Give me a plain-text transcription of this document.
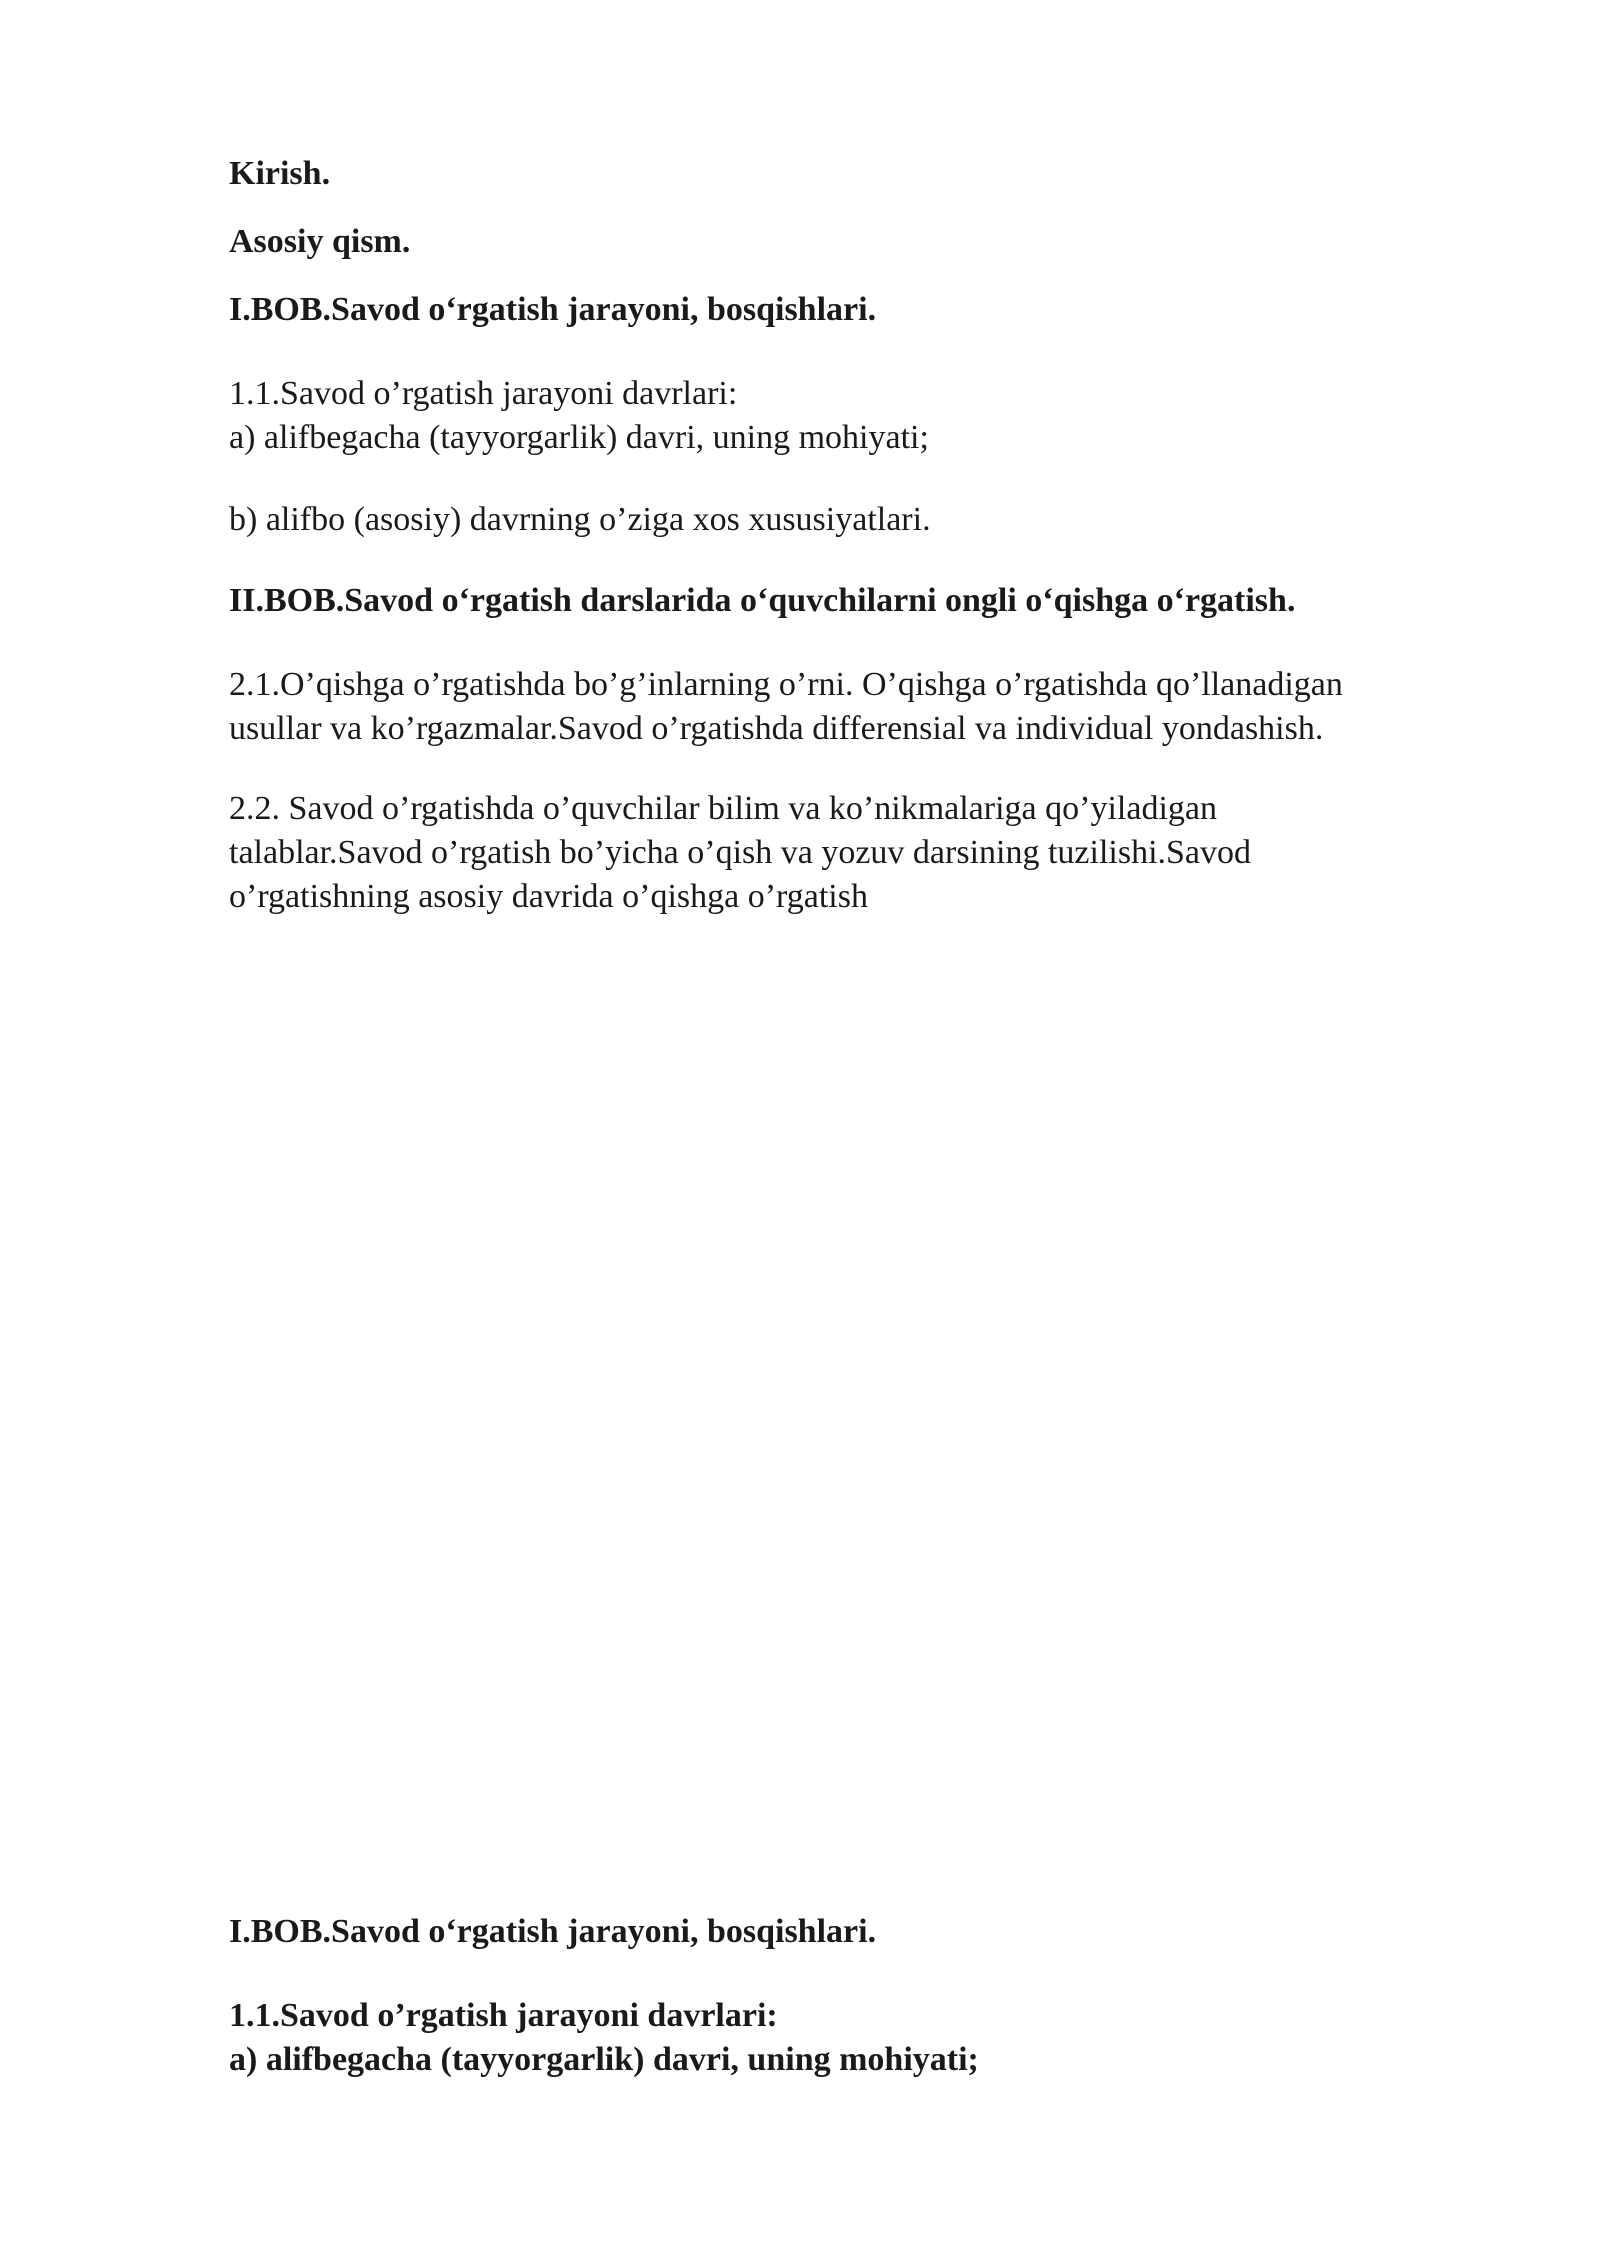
Kirish.
Asosiy qism.
I.BOB.Savod o‘rgatish jarayoni, bosqishlari.
1.1.Savod o’rgatish jarayoni davrlari:
a) alifbegacha (tayyorgarlik) davri, uning mohiyati;
b) alifbo (asosiy) davrning o’ziga xos xususiyatlari.
II.BOB.Savod o‘rgatish darslarida o‘quvchilarni ongli o‘qishga o‘rgatish.
2.1.O’qishga o’rgatishda bo’g’inlarning o’rni. O’qishga o’rgatishda qo’llanadigan
usullar va ko’rgazmalar.Savod o’rgatishda differensial va individual yondashish.
2.2. Savod o’rgatishda o’quvchilar bilim va ko’nikmalariga qo’yiladigan
talablar.Savod o’rgatish bo’yicha o’qish va yozuv darsining tuzilishi.Savod
o’rgatishning asosiy davrida o’qishga o’rgatish
I.BOB.Savod o‘rgatish jarayoni, bosqishlari.
1.1.Savod o’rgatish jarayoni davrlari:
a) alifbegacha (tayyorgarlik) davri, uning mohiyati;
